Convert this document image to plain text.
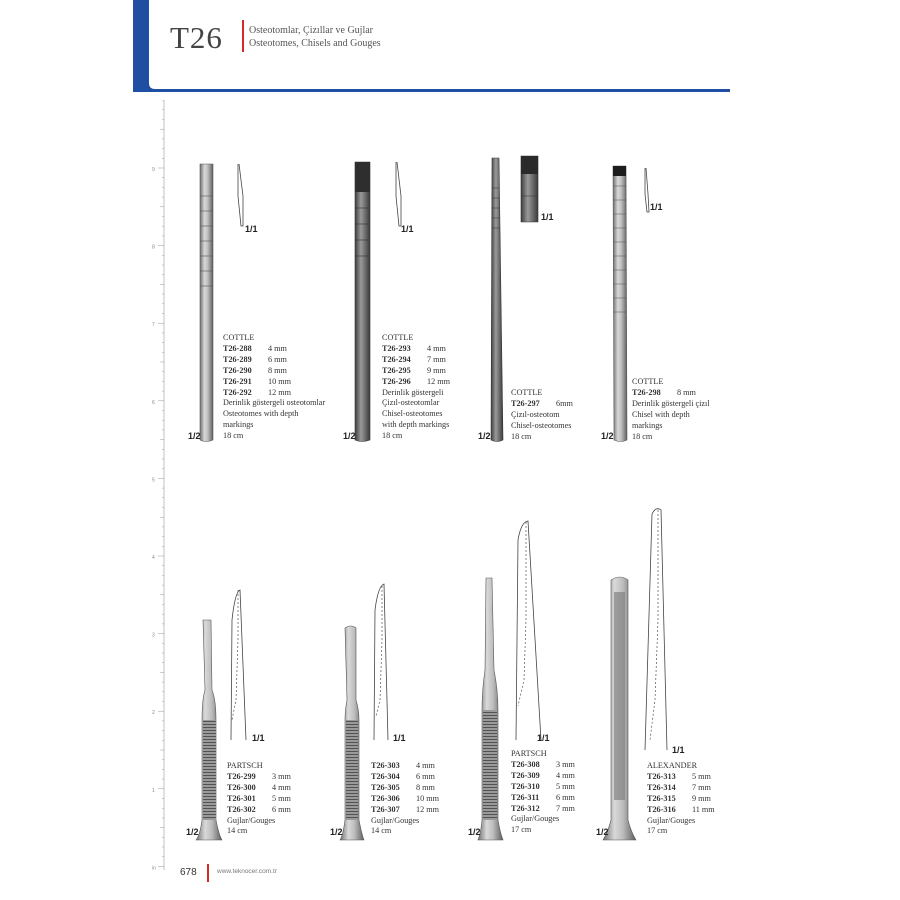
T26	Osteotomlar, Çizıllar ve Gujlar
Osteotomes, Chisels and Gouges
9
8
7
6
5
4
3
2
1
in
1/2
1/1
1/2
1/1
1/2
1/1
1/2
1/1
1/2
1/1
1/2
1/1
1/2
1/1
1/2
1/1
COTTLE
T26-288	4 mm
T26-289	6 mm
T26-290	8 mm
T26-291	10 mm
T26-292	12 mm
Derinlik göstergeli osteotomlar
Osteotomes with depth
markings
18 cm
COTTLE
T26-293	4 mm
T26-294	7 mm
T26-295	9 mm
T26-296	12 mm
Derinlik göstergeli
Çizıl-osteotomlar
Chisel-osteotomes
with depth markings
18 cm
COTTLE
T26-297	6mm
Çizıl-osteotom
Chisel-osteotomes
18 cm
COTTLE
T26-298	8 mm
Derinlik göstergeli çizıl
Chisel with depth
markings
18 cm
PARTSCH
T26-299	3 mm
T26-300	4 mm
T26-301	5 mm
T26-302	6 mm
Gujlar/Gouges
14 cm
T26-303	4 mm
T26-304	6 mm
T26-305	8 mm
T26-306	10 mm
T26-307	12 mm
Gujlar/Gouges
14 cm
PARTSCH
T26-308	3 mm
T26-309	4 mm
T26-310	5 mm
T26-311	6 mm
T26-312	7 mm
Gujlar/Gouges
17 cm
ALEXANDER
T26-313	5 mm
T26-314	7 mm
T26-315	9 mm
T26-316	11 mm
Gujlar/Gouges
17 cm
678	www.teknocer.com.tr
